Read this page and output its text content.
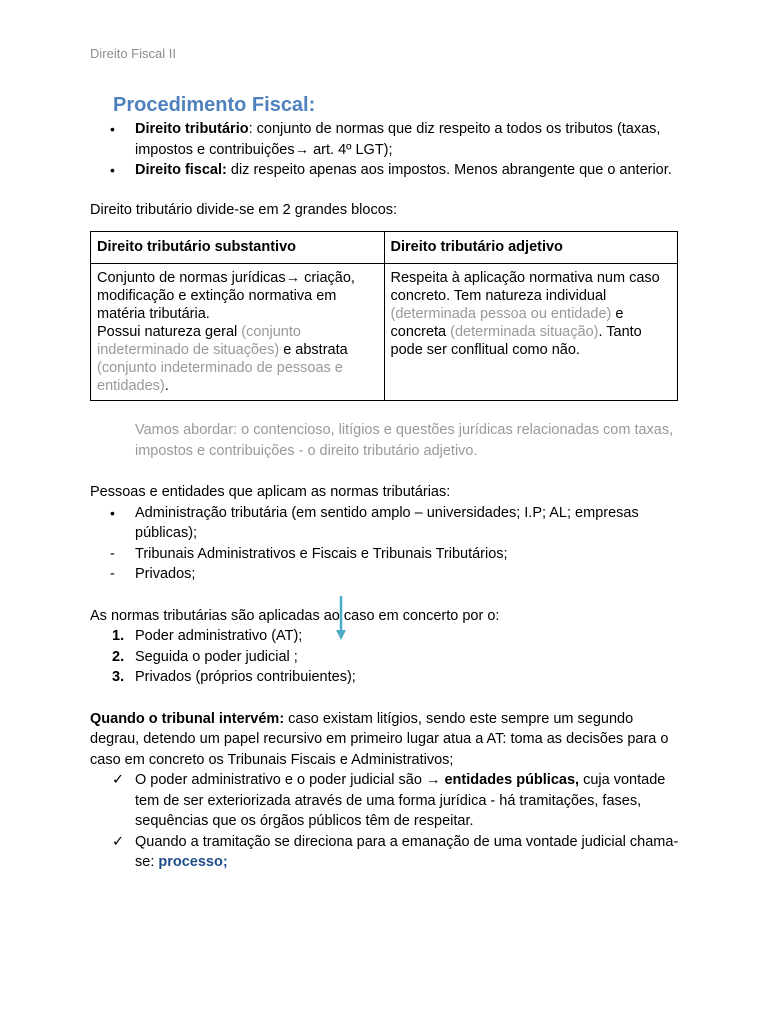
Direito Fiscal II
Procedimento Fiscal:
• Direito tributário: conjunto de normas que diz respeito a todos os tributos (taxas, impostos e contribuições→ art. 4º LGT);
• Direito fiscal: diz respeito apenas aos impostos. Menos abrangente que o anterior.

Direito tributário divide-se em 2 grandes blocos:

Direito tributário substantivo	Direito tributário adjetivo
Conjunto de normas jurídicas→ criação, modificação e extinção normativa em matéria tributária.
Possui natureza geral (conjunto indeterminado de situações) e abstrata (conjunto indeterminado de pessoas e entidades).	Respeita à aplicação normativa num caso concreto. Tem natureza individual (determinada pessoa ou entidade) e concreta (determinada situação). Tanto pode ser conflitual como não.

Vamos abordar: o contencioso, litígios e questões jurídicas relacionadas com taxas, impostos e contribuições - o direito tributário adjetivo.

Pessoas e entidades que aplicam as normas tributárias:

• Administração tributária (em sentido amplo – universidades; I.P; AL; empresas públicas);
- Tribunais Administrativos e Fiscais e Tribunais Tributários;
- Privados;

As normas tributárias são aplicadas ao caso em concerto por o:

1. Poder administrativo (AT);
2. Seguida o poder judicial ;
3. Privados (próprios contribuientes);

Quando o tribunal intervém: caso existam litígios, sendo este sempre um segundo degrau, detendo um papel recursivo em primeiro lugar atua a AT: toma as decisões para o caso em concreto os Tribunais Fiscais e Administrativos;

✓ O poder administrativo e o poder judicial são → entidades públicas, cuja vontade tem de ser exteriorizada através de uma forma jurídica - há tramitações, fases, sequências que os órgãos públicos têm de respeitar.
✓ Quando a tramitação se direciona para a emanação de uma vontade judicial chama-se: processo;
